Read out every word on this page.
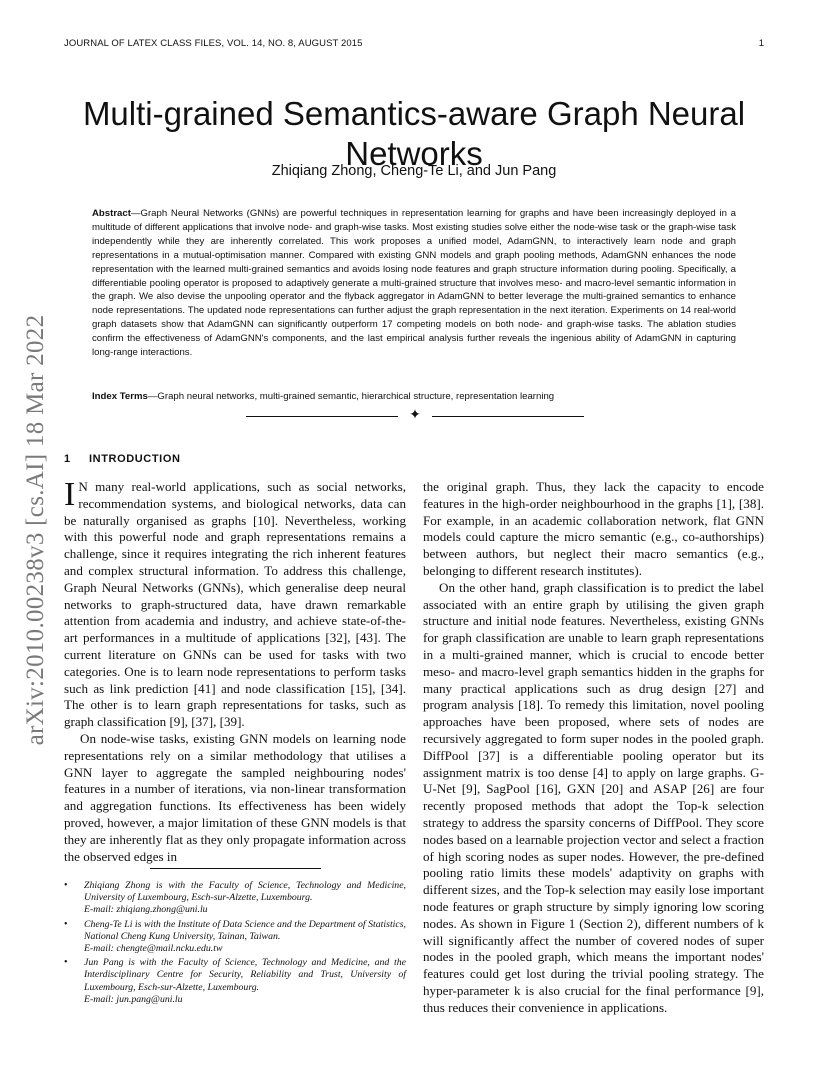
JOURNAL OF LATEX CLASS FILES, VOL. 14, NO. 8, AUGUST 2015	1
arXiv:2010.00238v3 [cs.AI] 18 Mar 2022
Multi-grained Semantics-aware Graph Neural
Networks
Zhiqiang Zhong, Cheng-Te Li, and Jun Pang

Abstract—Graph Neural Networks (GNNs) are powerful techniques in representation learning for graphs and have been increasingly deployed in a multitude of different applications that involve node- and graph-wise tasks. Most existing studies solve either the node-wise task or the graph-wise task independently while they are inherently correlated. This work proposes a unified model, AdamGNN, to interactively learn node and graph representations in a mutual-optimisation manner. Compared with existing GNN models and graph pooling methods, AdamGNN enhances the node representation with the learned multi-grained semantics and avoids losing node features and graph structure information during pooling. Specifically, a differentiable pooling operator is proposed to adaptively generate a multi-grained structure that involves meso- and macro-level semantic information in the graph. We also devise the unpooling operator and the flyback aggregator in AdamGNN to better leverage the multi-grained semantics to enhance node representations. The updated node representations can further adjust the graph representation in the next iteration. Experiments on 14 real-world graph datasets show that AdamGNN can significantly outperform 17 competing models on both node- and graph-wise tasks. The ablation studies confirm the effectiveness of AdamGNN's components, and the last empirical analysis further reveals the ingenious ability of AdamGNN in capturing long-range interactions.

Index Terms—Graph neural networks, multi-grained semantic, hierarchical structure, representation learning

✦
1 INTRODUCTION

I N many real-world applications, such as social networks, recommendation systems, and biological networks, data can be naturally organised as graphs [10]. Nevertheless, working with this powerful node and graph representations remains a challenge, since it requires integrating the rich inherent features and complex structural information. To address this challenge, Graph Neural Networks (GNNs), which generalise deep neural networks to graph-structured data, have drawn remarkable attention from academia and industry, and achieve state-of-the-art performances in a multitude of applications [32], [43]. The current literature on GNNs can be used for tasks with two categories. One is to learn node representations to perform tasks such as link prediction [41] and node classification [15], [34]. The other is to learn graph representations for tasks, such as graph classification [9], [37], [39].

On node-wise tasks, existing GNN models on learning node representations rely on a similar methodology that utilises a GNN layer to aggregate the sampled neighbouring nodes' features in a number of iterations, via non-linear transformation and aggregation functions. Its effectiveness has been widely proved, however, a major limitation of these GNN models is that they are inherently flat as they only propagate information across the observed edges in

the original graph. Thus, they lack the capacity to encode features in the high-order neighbourhood in the graphs [1], [38]. For example, in an academic collaboration network, flat GNN models could capture the micro semantic (e.g., co-authorships) between authors, but neglect their macro semantics (e.g., belonging to different research institutes).

On the other hand, graph classification is to predict the label associated with an entire graph by utilising the given graph structure and initial node features. Nevertheless, existing GNNs for graph classification are unable to learn graph representations in a multi-grained manner, which is crucial to encode better meso- and macro-level graph semantics hidden in the graphs for many practical applications such as drug design [27] and program analysis [18]. To remedy this limitation, novel pooling approaches have been proposed, where sets of nodes are recursively aggregated to form super nodes in the pooled graph. DiffPool [37] is a differentiable pooling operator but its assignment matrix is too dense [4] to apply on large graphs. G-U-Net [9], SagPool [16], GXN [20] and ASAP [26] are four recently proposed methods that adopt the Top-k selection strategy to address the sparsity concerns of DiffPool. They score nodes based on a learnable projection vector and select a fraction of high scoring nodes as super nodes. However, the pre-defined pooling ratio limits these models' adaptivity on graphs with different sizes, and the Top-k selection may easily lose important node features or graph structure by simply ignoring low scoring nodes. As shown in Figure 1 (Section 2), different numbers of k will significantly affect the number of covered nodes of super nodes in the pooled graph, which means the important nodes' features could get lost during the trivial pooling strategy. The hyper-parameter k is also crucial for the final performance [9], thus reduces their convenience in applications.

• Zhiqiang Zhong is with the Faculty of Science, Technology and Medicine, University of Luxembourg, Esch-sur-Alzette, Luxembourg.
E-mail: zhiqiang.zhong@uni.lu
• Cheng-Te Li is with the Institute of Data Science and the Department of Statistics, National Cheng Kung University, Tainan, Taiwan.
E-mail: chengte@mail.ncku.edu.tw
• Jun Pang is with the Faculty of Science, Technology and Medicine, and the Interdisciplinary Centre for Security, Reliability and Trust, University of Luxembourg, Esch-sur-Alzette, Luxembourg.
E-mail: jun.pang@uni.lu
